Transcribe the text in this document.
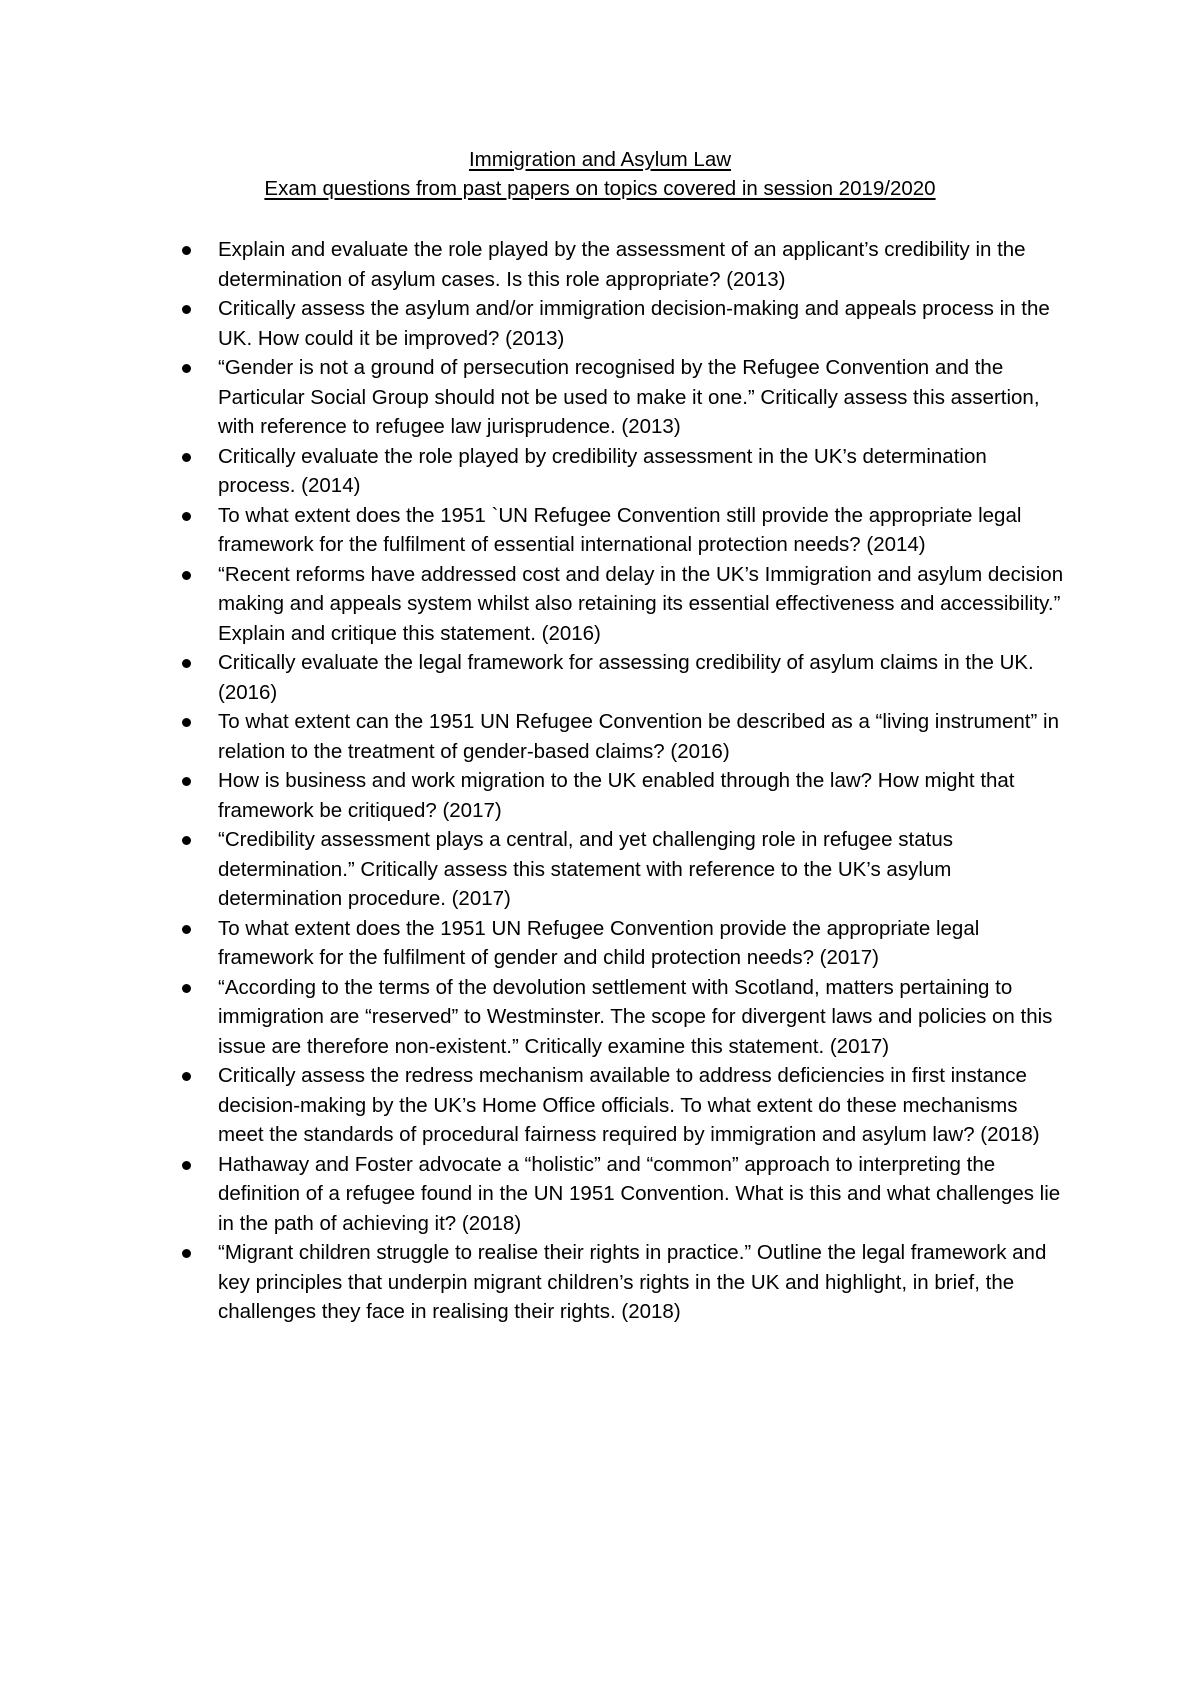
Immigration and Asylum Law
Exam questions from past papers on topics covered in session 2019/2020
Explain and evaluate the role played by the assessment of an applicant’s credibility in the determination of asylum cases. Is this role appropriate? (2013)
Critically assess the asylum and/or immigration decision-making and appeals process in the UK. How could it be improved? (2013)
“Gender is not a ground of persecution recognised by the Refugee Convention and the Particular Social Group should not be used to make it one.” Critically assess this assertion, with reference to refugee law jurisprudence. (2013)
Critically evaluate the role played by credibility assessment in the UK’s determination process. (2014)
To what extent does the 1951 `UN Refugee Convention still provide the appropriate legal framework for the fulfilment of essential international protection needs? (2014)
“Recent reforms have addressed cost and delay in the UK’s Immigration and asylum decision making and appeals system whilst also retaining its essential effectiveness and accessibility.” Explain and critique this statement. (2016)
Critically evaluate the legal framework for assessing credibility of asylum claims in the UK. (2016)
To what extent can the 1951 UN Refugee Convention be described as a “living instrument” in relation to the treatment of gender-based claims? (2016)
How is business and work migration to the UK enabled through the law? How might that framework be critiqued? (2017)
“Credibility assessment plays a central, and yet challenging role in refugee status determination.” Critically assess this statement with reference to the UK’s asylum determination procedure. (2017)
To what extent does the 1951 UN Refugee Convention provide the appropriate legal framework for the fulfilment of gender and child protection needs? (2017)
“According to the terms of the devolution settlement with Scotland, matters pertaining to immigration are “reserved” to Westminster. The scope for divergent laws and policies on this issue are therefore non-existent.” Critically examine this statement. (2017)
Critically assess the redress mechanism available to address deficiencies in first instance decision-making by the UK’s Home Office officials. To what extent do these mechanisms meet the standards of procedural fairness required by immigration and asylum law? (2018)
Hathaway and Foster advocate a “holistic” and “common” approach to interpreting the definition of a refugee found in the UN 1951 Convention. What is this and what challenges lie in the path of achieving it? (2018)
“Migrant children struggle to realise their rights in practice.” Outline the legal framework and key principles that underpin migrant children’s rights in the UK and highlight, in brief, the challenges they face in realising their rights. (2018)
